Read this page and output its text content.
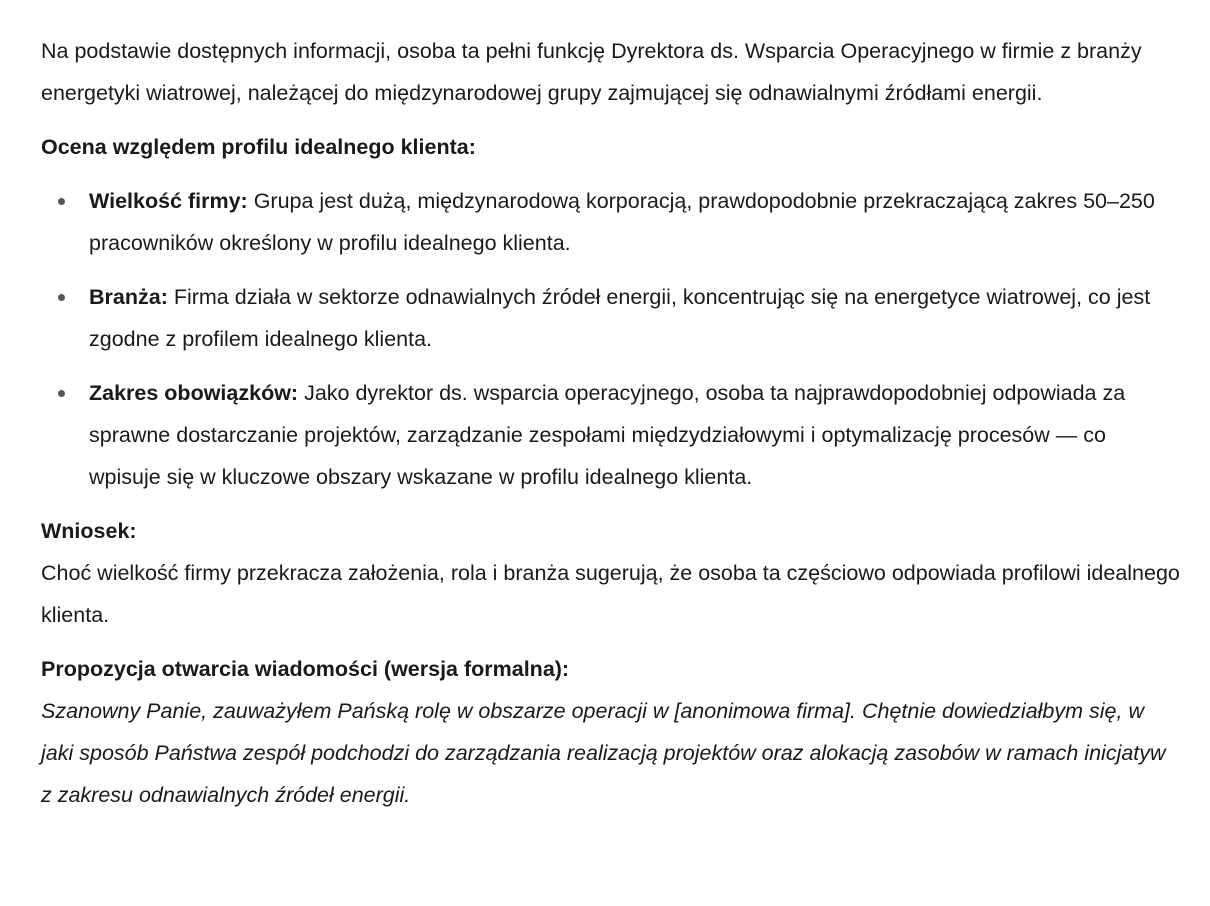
Na podstawie dostępnych informacji, osoba ta pełni funkcję Dyrektora ds. Wsparcia Operacyjnego w firmie z branży energetyki wiatrowej, należącej do międzynarodowej grupy zajmującej się odnawialnymi źródłami energii.

Ocena względem profilu idealnego klienta:

Wielkość firmy: Grupa jest dużą, międzynarodową korporacją, prawdopodobnie przekraczającą zakres 50–250 pracowników określony w profilu idealnego klienta.
Branża: Firma działa w sektorze odnawialnych źródeł energii, koncentrując się na energetyce wiatrowej, co jest zgodne z profilem idealnego klienta.
Zakres obowiązków: Jako dyrektor ds. wsparcia operacyjnego, osoba ta najprawdopodobniej odpowiada za sprawne dostarczanie projektów, zarządzanie zespołami międzydziałowymi i optymalizację procesów — co wpisuje się w kluczowe obszary wskazane w profilu idealnego klienta.

Wniosek:

Choć wielkość firmy przekracza założenia, rola i branża sugerują, że osoba ta częściowo odpowiada profilowi idealnego klienta.

Propozycja otwarcia wiadomości (wersja formalna):

Szanowny Panie, zauważyłem Pańską rolę w obszarze operacji w [anonimowa firma]. Chętnie dowiedziałbym się, w jaki sposób Państwa zespół podchodzi do zarządzania realizacją projektów oraz alokacją zasobów w ramach inicjatyw z zakresu odnawialnych źródeł energii.
